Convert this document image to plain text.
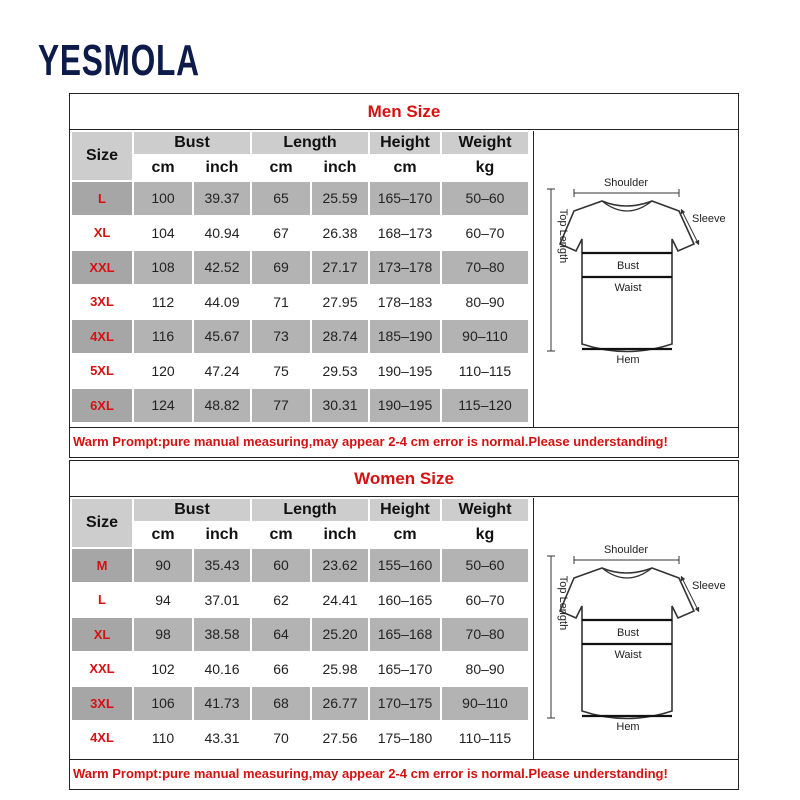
YESMOLA
Men Size
Size	Bust		Length		Height	Weight
	cm	inch	cm	inch	cm	kg
L	100	39.37	65	25.59	165–170	50–60
XL	104	40.94	67	26.38	168–173	60–70
XXL	108	42.52	69	27.17	173–178	70–80
3XL	112	44.09	71	27.95	178–183	80–90
4XL	116	45.67	73	28.74	185–190	90–110
5XL	120	47.24	75	29.53	190–195	110–115
6XL	124	48.82	77	30.31	190–195	115–120
Shoulder
Sleeve
Bust
Waist
Hem
Top Length
Warm Prompt:pure manual measuring,may appear 2-4 cm error is normal.Please understanding!
Women Size
Size	Bust		Length		Height	Weight
	cm	inch	cm	inch	cm	kg
M	90	35.43	60	23.62	155–160	50–60
L	94	37.01	62	24.41	160–165	60–70
XL	98	38.58	64	25.20	165–168	70–80
XXL	102	40.16	66	25.98	165–170	80–90
3XL	106	41.73	68	26.77	170–175	90–110
4XL	110	43.31	70	27.56	175–180	110–115
Shoulder
Sleeve
Bust
Waist
Hem
Top Length
Warm Prompt:pure manual measuring,may appear 2-4 cm error is normal.Please understanding!
